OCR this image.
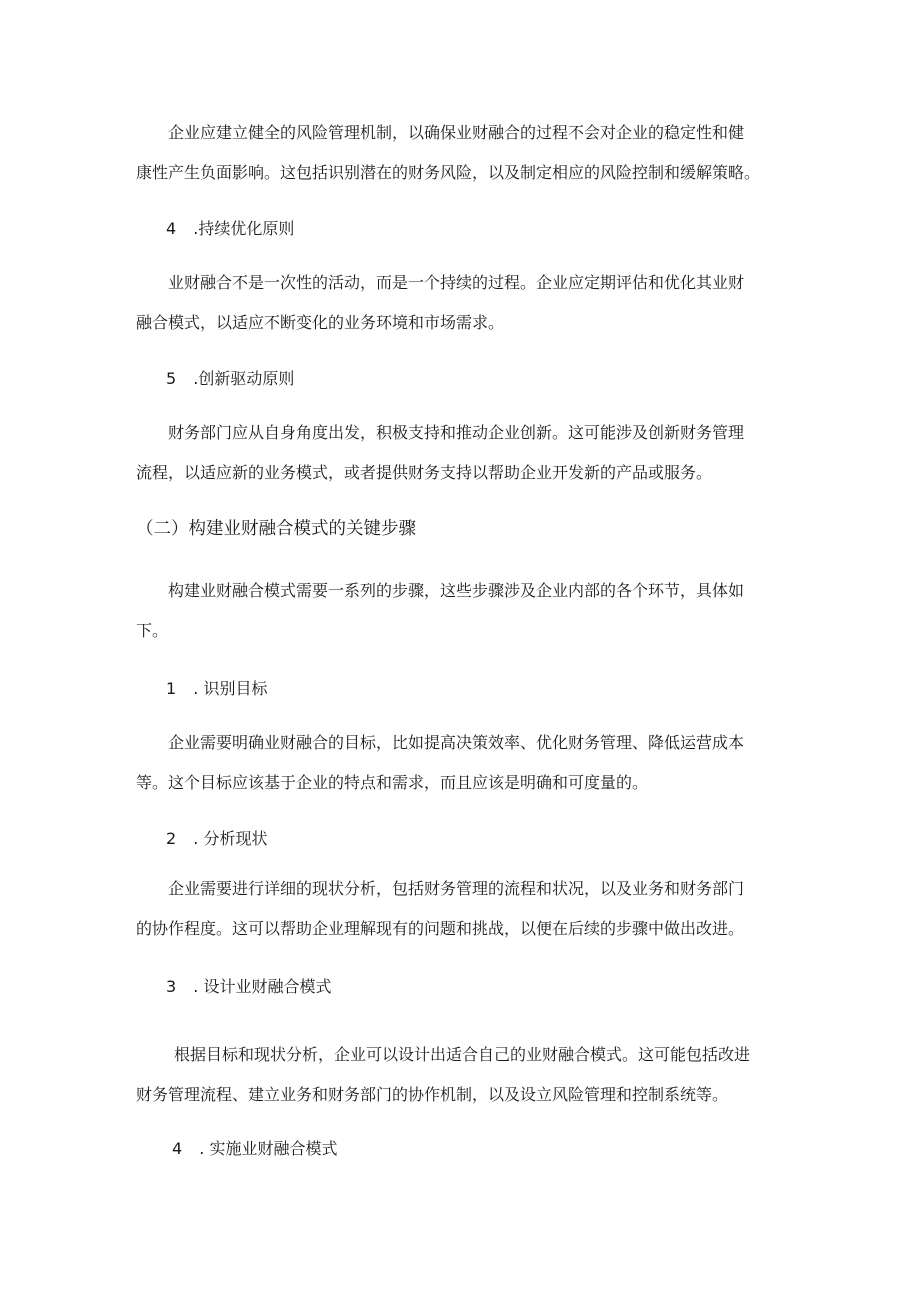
企业应建立健全的风险管理机制，以确保业财融合的过程不会对企业的稳定性和健
康性产生负面影响。这包括识别潜在的财务风险，以及制定相应的风险控制和缓解策略。
4 .持续优化原则
业财融合不是一次性的活动，而是一个持续的过程。企业应定期评估和优化其业财
融合模式，以适应不断变化的业务环境和市场需求。
5 .创新驱动原则
财务部门应从自身角度出发，积极支持和推动企业创新。这可能涉及创新财务管理
流程，以适应新的业务模式，或者提供财务支持以帮助企业开发新的产品或服务。
（二）构建业财融合模式的关键步骤
构建业财融合模式需要一系列的步骤，这些步骤涉及企业内部的各个环节，具体如
下。
1 . 识别目标
企业需要明确业财融合的目标，比如提高决策效率、优化财务管理、降低运营成本
等。这个目标应该基于企业的特点和需求，而且应该是明确和可度量的。
2 . 分析现状
企业需要进行详细的现状分析，包括财务管理的流程和状况，以及业务和财务部门
的协作程度。这可以帮助企业理解现有的问题和挑战，以便在后续的步骤中做出改进。
3 . 设计业财融合模式
根据目标和现状分析，企业可以设计出适合自己的业财融合模式。这可能包括改进
财务管理流程、建立业务和财务部门的协作机制，以及设立风险管理和控制系统等。
4 . 实施业财融合模式
